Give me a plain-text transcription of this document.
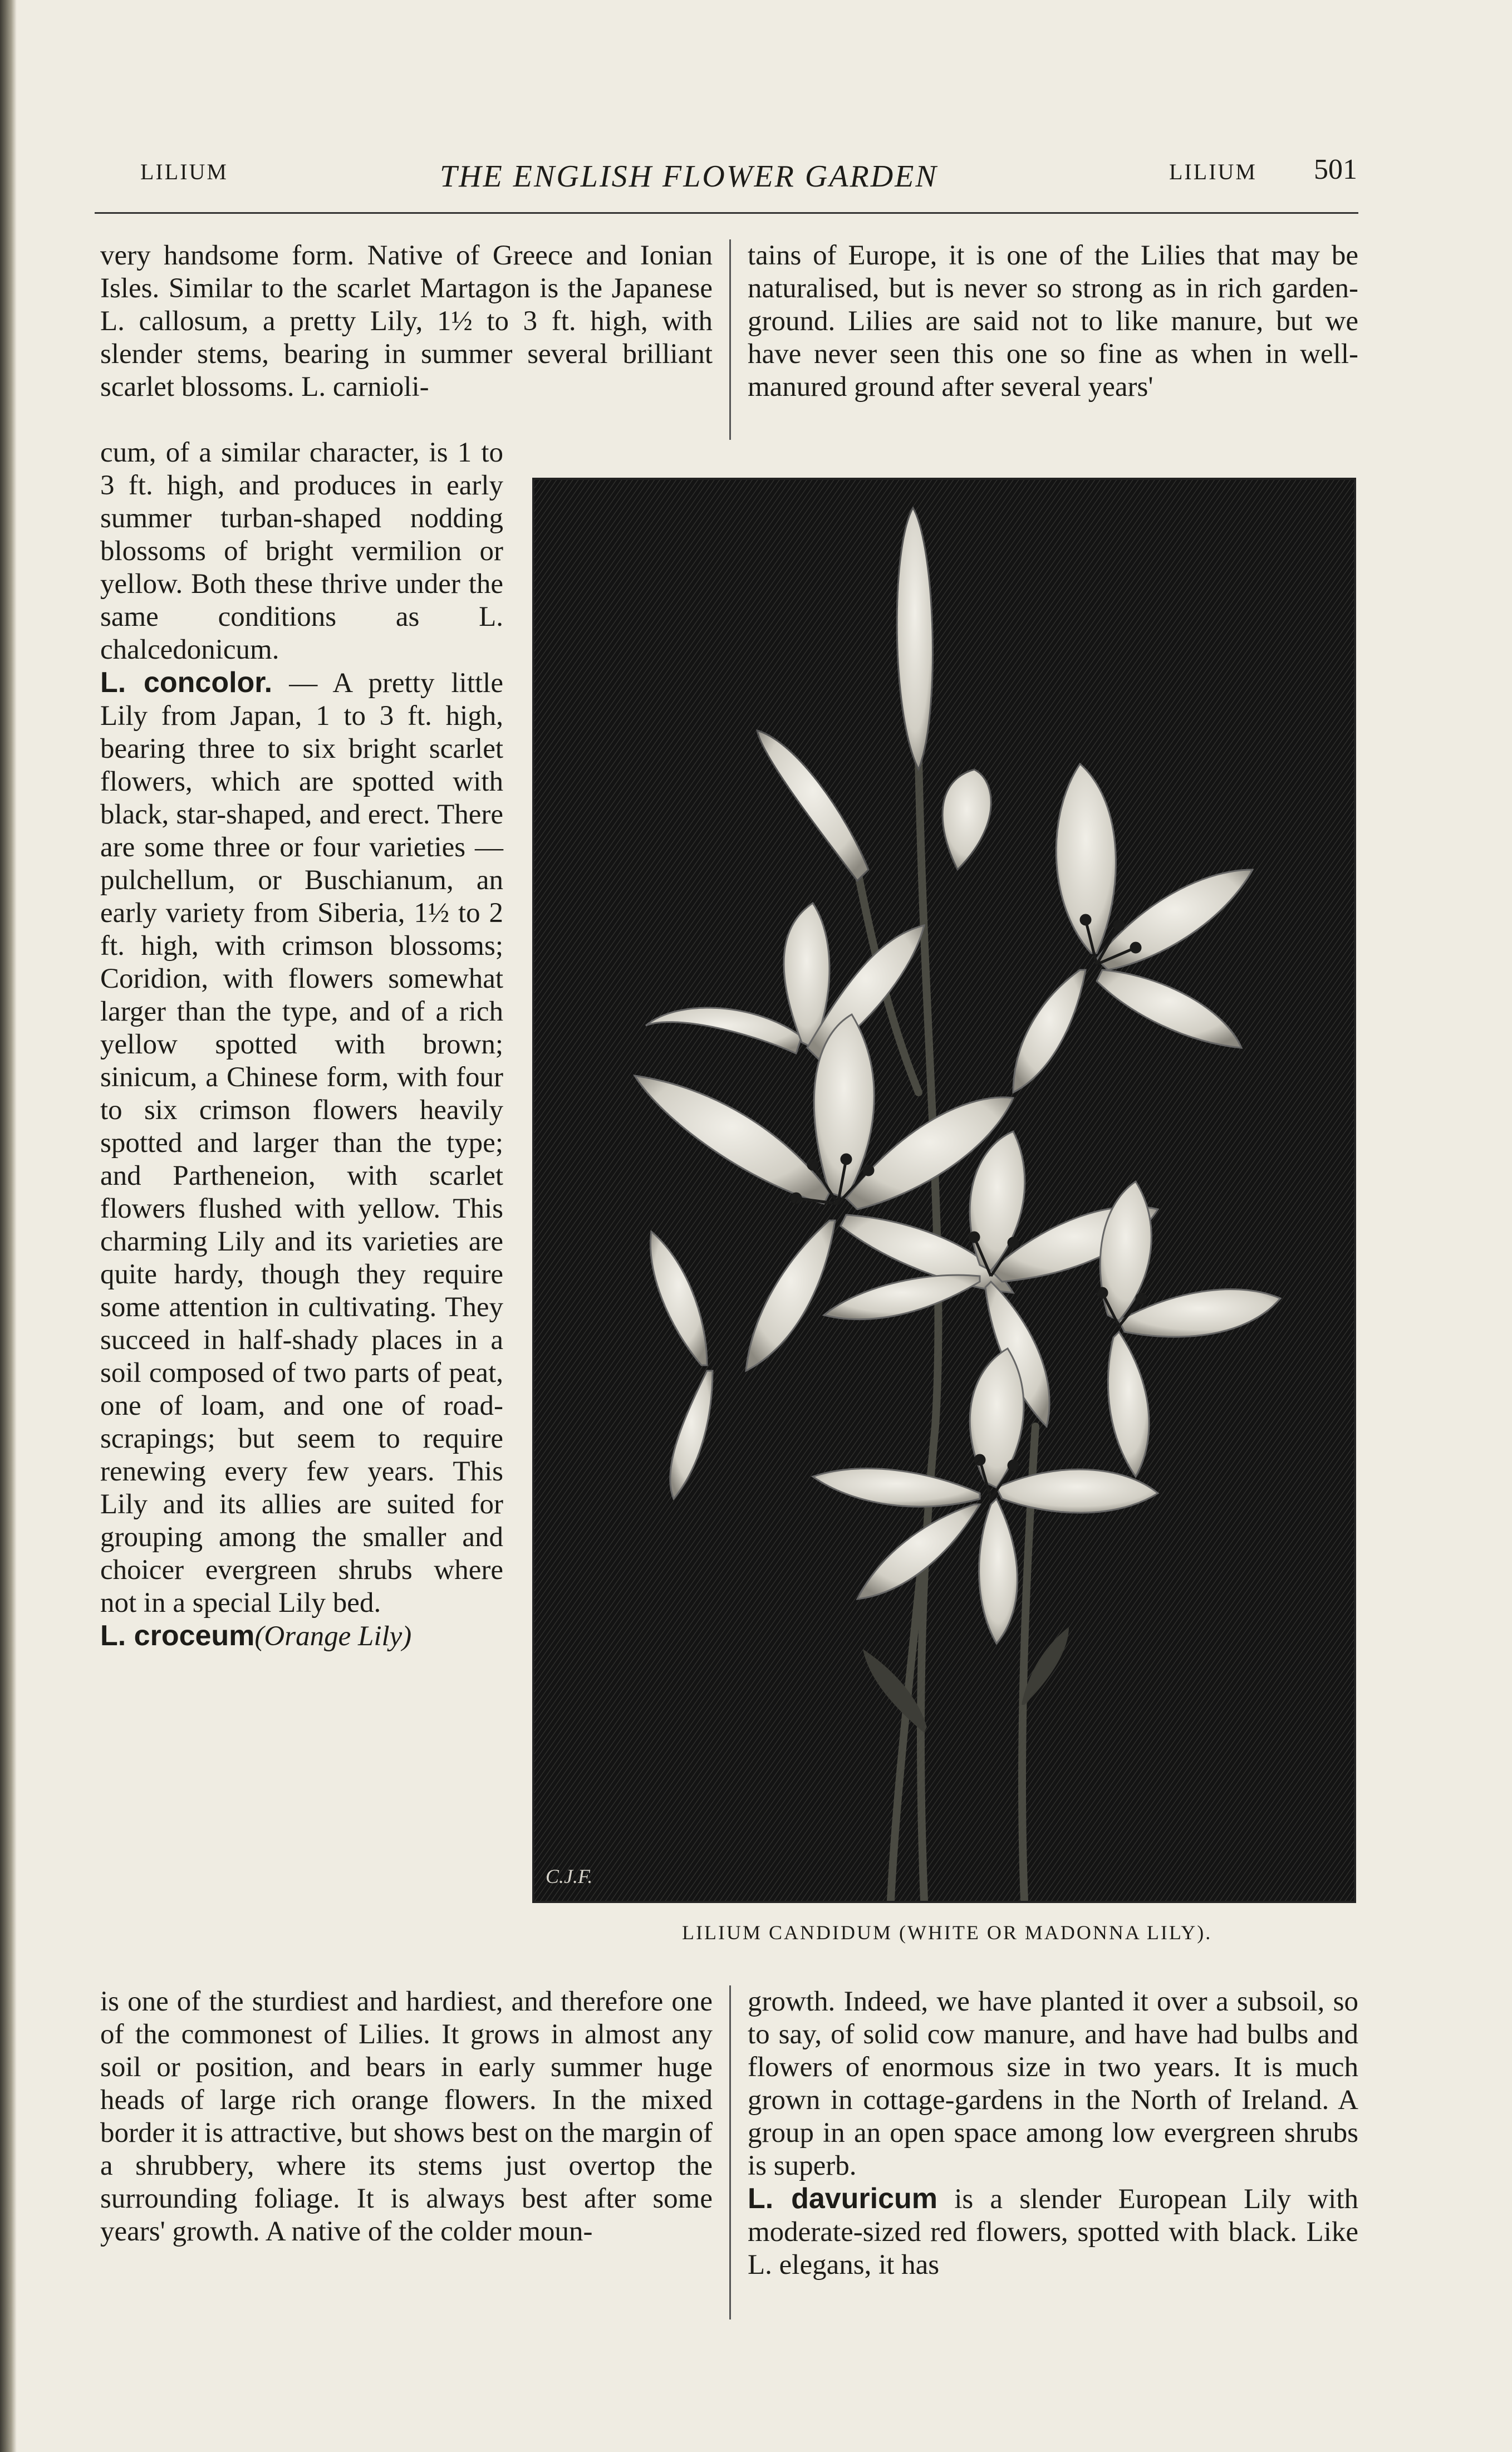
LILIUM	THE ENGLISH FLOWER GARDEN	LILIUM 501

very handsome form. Native of Greece and Ionian Isles. Similar to the scarlet Martagon is the Japanese L. callosum, a pretty Lily, 1½ to 3 ft. high, with slender stems, bearing in summer several brilliant scarlet blossoms. L. carnioli-

tains of Europe, it is one of the Lilies that may be naturalised, but is never so strong as in rich garden-ground. Lilies are said not to like manure, but we have never seen this one so fine as when in well-manured ground after several years'

cum, of a similar character, is 1 to 3 ft. high, and produces in early summer turban-shaped nodding blossoms of bright vermilion or yellow. Both these thrive under the same conditions as L. chalcedonicum.

L. concolor. — A pretty little Lily from Japan, 1 to 3 ft. high, bearing three to six bright scarlet flowers, which are spotted with black, star-shaped, and erect. There are some three or four varieties — pulchellum, or Buschianum, an early variety from Siberia, 1½ to 2 ft. high, with crimson blossoms; Coridion, with flowers somewhat larger than the type, and of a rich yellow spotted with brown; sinicum, a Chinese form, with four to six crimson flowers heavily spotted and larger than the type; and Partheneion, with scarlet flowers flushed with yellow. This charming Lily and its varieties are quite hardy, though they require some attention in cultivating. They succeed in half-shady places in a soil composed of two parts of peat, one of loam, and one of road-scrapings; but seem to require renewing every few years. This Lily and its allies are suited for grouping among the smaller and choicer evergreen shrubs where not in a special Lily bed.

L. croceum(Orange Lily)

is one of the sturdiest and hardiest, and therefore one of the commonest of Lilies. It grows in almost any soil or position, and bears in early summer huge heads of large rich orange flowers. In the mixed border it is attractive, but shows best on the margin of a shrubbery, where its stems just overtop the surrounding foliage. It is always best after some years' growth. A native of the colder moun-

growth. Indeed, we have planted it over a subsoil, so to say, of solid cow manure, and have had bulbs and flowers of enormous size in two years. It is much grown in cottage-gardens in the North of Ireland. A group in an open space among low evergreen shrubs is superb.

L. davuricum is a slender European Lily with moderate-sized red flowers, spotted with black. Like L. elegans, it has

C.J.F.
LILIUM CANDIDUM (WHITE OR MADONNA LILY).
